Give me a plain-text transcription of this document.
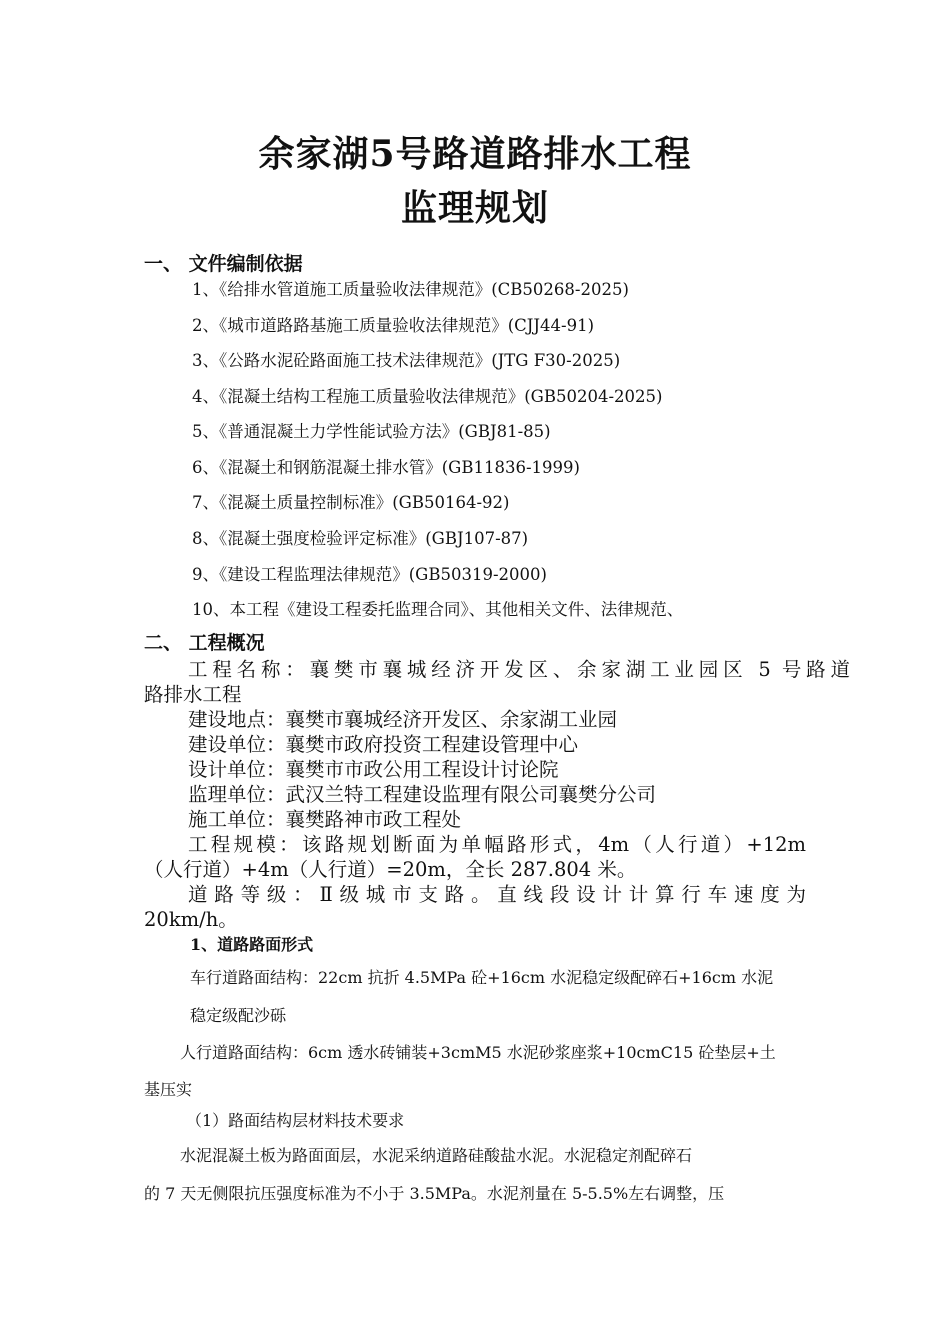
余家湖5号路道路排水工程
监理规划
一、 文件编制依据
1、《给排水管道施工质量验收法律规范》(CB50268-2025)
2、《城市道路路基施工质量验收法律规范》(CJJ44-91)
3、《公路水泥砼路面施工技术法律规范》(JTG F30-2025)
4、《混凝土结构工程施工质量验收法律规范》(GB50204-2025)
5、《普通混凝土力学性能试验方法》(GBJ81-85)
6、《混凝土和钢筋混凝土排水管》(GB11836-1999)
7、《混凝土质量控制标准》(GB50164-92)
8、《混凝土强度检验评定标准》(GBJ107-87)
9、《建设工程监理法律规范》(GB50319-2000)
10、本工程《建设工程委托监理合同》、其他相关文件、法律规范、
二、 工程概况
工程名称：襄樊市襄城经济开发区、余家湖工业园区 5 号路道
路排水工程
建设地点：襄樊市襄城经济开发区、余家湖工业园
建设单位：襄樊市政府投资工程建设管理中心
设计单位：襄樊市市政公用工程设计讨论院
监理单位：武汉兰特工程建设监理有限公司襄樊分公司
施工单位：襄樊路神市政工程处
工程规模：该路规划断面为单幅路形式，4m（人行道）+12m
（人行道）+4m（人行道）=20m，全长 287.804 米。
道路等级：Ⅱ级城市支路。直线段设计计算行车速度为
20km/h。
1、道路路面形式
车行道路面结构：22cm 抗折 4.5MPa 砼+16cm 水泥稳定级配碎石+16cm 水泥
稳定级配沙砾
人行道路面结构：6cm 透水砖铺装+3cmM5 水泥砂浆座浆+10cmC15 砼垫层+土
基压实
（1）路面结构层材料技术要求
水泥混凝土板为路面面层，水泥采纳道路硅酸盐水泥。水泥稳定剂配碎石
的 7 天无侧限抗压强度标准为不小于 3.5MPa。水泥剂量在 5-5.5%左右调整，压
